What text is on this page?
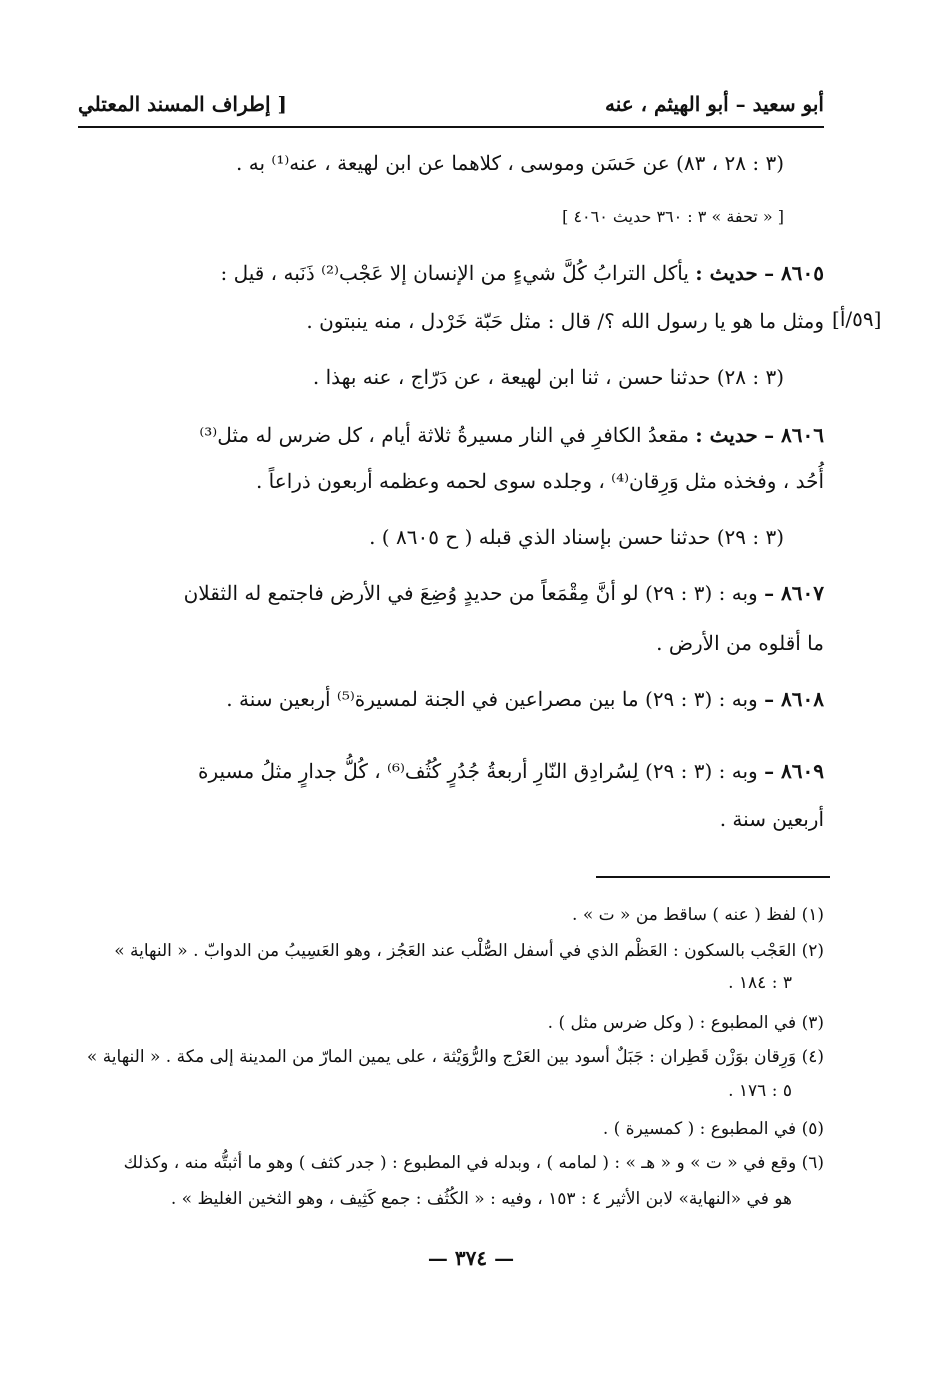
أبو سعيد – أبو الهيثم ، عنه
[ إطراف المسند المعتلي
(٣ : ٢٨ ، ٨٣) عن حَسَن وموسى ، كلاهما عن ابن لهيعة ، عنه⁽¹⁾ به .
[ « تحفة » ٣ : ٣٦٠ حديث ٤٠٦٠ ]
٨٦٠٥ – حديث : يأكل الترابُ كُلَّ شيءٍ من الإنسان إلا عَجْب⁽²⁾ ذَنَبه ، قيل :
ومثل ما هو يا رسول الله ؟/ قال : مثل حَبّة خَرْدل ، منه ينبتون . [٥٩/أ]
(٣ : ٢٨) حدثنا حسن ، ثنا ابن لهيعة ، عن دَرّاج ، عنه بهذا .
٨٦٠٦ – حديث : مقعدُ الكافرِ في النار مسيرةُ ثلاثة أيام ، كل ضرس له مثل⁽³⁾
أُحُد ، وفخذه مثل وَرِقان⁽⁴⁾ ، وجلده سوى لحمه وعظمه أربعون ذراعاً .
(٣ : ٢٩) حدثنا حسن بإسناد الذي قبله ( ح ٨٦٠٥ ) .
٨٦٠٧ – وبه : (٣ : ٢٩) لو أنَّ مِقْمَعاً من حديدٍ وُضِعَ في الأرض فاجتمع له الثقلان
ما أقلوه من الأرض .
٨٦٠٨ – وبه : (٣ : ٢٩) ما بين مصراعين في الجنة لمسيرة⁽⁵⁾ أربعين سنة .
٨٦٠٩ – وبه : (٣ : ٢٩) لِسُرادِق النّارِ أربعةُ جُدُرٍ كُثُف⁽⁶⁾ ، كُلُّ جدارٍ مثلُ مسيرة
أربعين سنة .
(١) لفظ ( عنه ) ساقط من « ت » .
(٢) العَجْب بالسكون : العَظْم الذي في أسفل الصُّلْب عند العَجُز ، وهو العَسِيبُ من الدوابّ . « النهاية »
٣ : ١٨٤ .
(٣) في المطبوع : ( وكل ضرس مثل ) .
(٤) وَرِقان بوَزْن قَطِران : جَبَلٌ أسود بين العَرْج والرُّوَيْثة ، على يمين المارّ من المدينة إلى مكة . « النهاية »
٥ : ١٧٦ .
(٥) في المطبوع : ( كمسيرة ) .
(٦) وقع في « ت » و « هـ » : ( لمامه ) ، وبدله في المطبوع : ( جدر كثف ) وهو ما أثبتُّه منه ، وكذلك
هو في «النهاية» لابن الأثير ٤ : ١٥٣ ، وفيه : « الكُثُف : جمع كَثِيف ، وهو الثخين الغليظ » .
— ٣٧٤ —
